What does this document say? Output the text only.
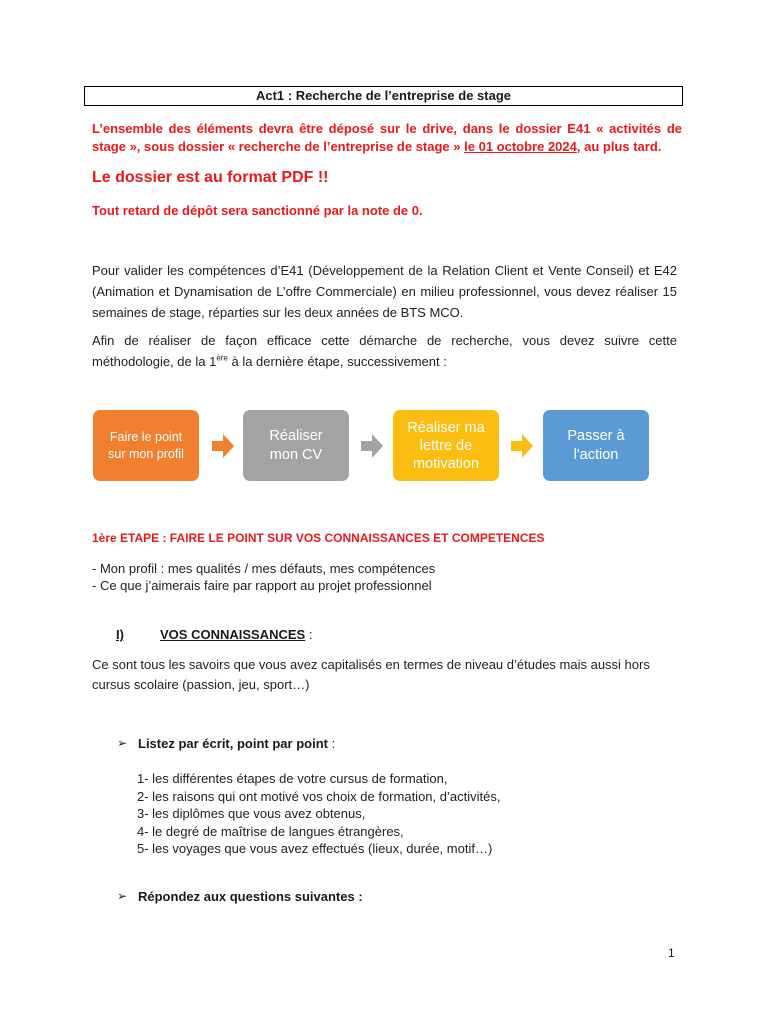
Act1 : Recherche de l’entreprise de stage
L’ensemble des éléments devra être déposé sur le drive, dans le dossier E41 « activités de stage », sous dossier « recherche de l’entreprise de stage » le 01 octobre 2024, au plus tard.
Le dossier est au format PDF !!
Tout retard de dépôt sera sanctionné par la note de 0.
Pour valider les compétences d’E41 (Développement de la Relation Client et Vente Conseil) et E42 (Animation et Dynamisation de L’offre Commerciale) en milieu professionnel, vous devez réaliser 15 semaines de stage, réparties sur les deux années de BTS MCO.
Afin de réaliser de façon efficace cette démarche de recherche, vous devez suivre cette méthodologie, de la 1ère à la dernière étape, successivement :
Faire le point
sur mon profil
Réaliser
mon CV
Réaliser ma
lettre de
motivation
Passer à
l'action
1ère ETAPE : FAIRE LE POINT SUR VOS CONNAISSANCES ET COMPETENCES
- Mon profil : mes qualités / mes défauts, mes compétences
- Ce que j’aimerais faire par rapport au projet professionnel
I)	VOS CONNAISSANCES :
Ce sont tous les savoirs que vous avez capitalisés en termes de niveau d’études mais aussi hors
cursus scolaire (passion, jeu, sport…)
➢ Listez par écrit, point par point :
1- les différentes étapes de votre cursus de formation,
2- les raisons qui ont motivé vos choix de formation, d’activités,
3- les diplômes que vous avez obtenus,
4- le degré de maîtrise de langues étrangères,
5- les voyages que vous avez effectués (lieux, durée, motif…)
➢ Répondez aux questions suivantes :
1
